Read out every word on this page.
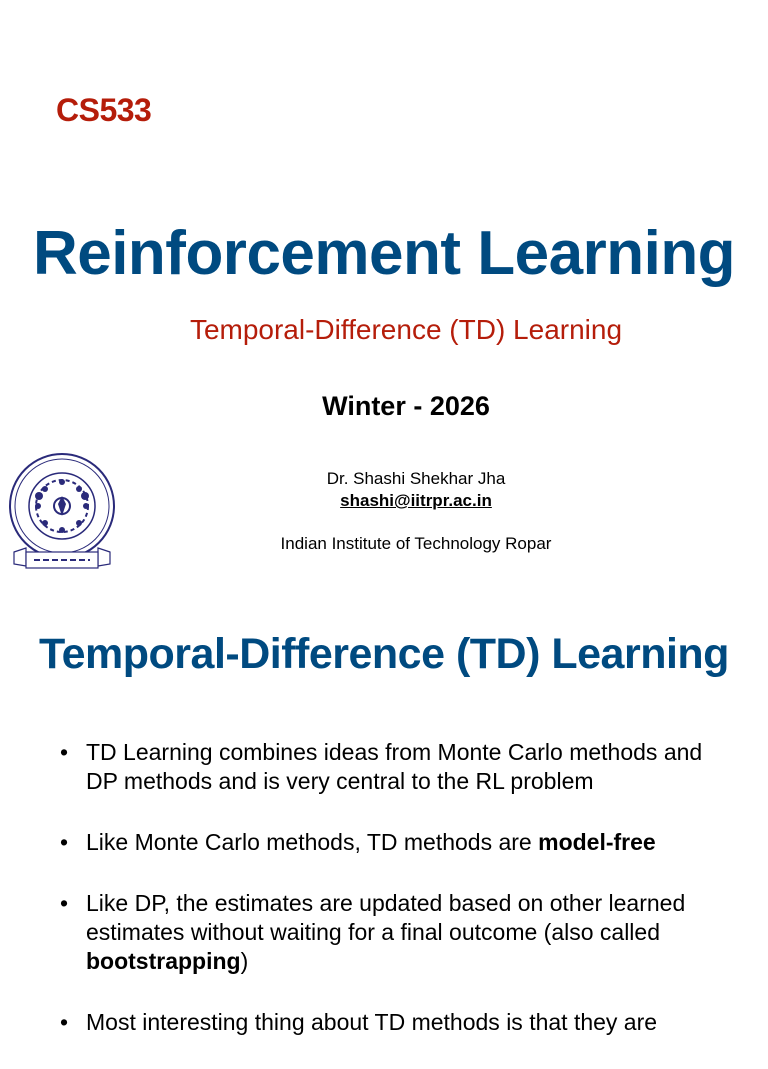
CS533
Reinforcement Learning
Temporal-Difference (TD) Learning
Winter - 2026
Dr. Shashi Shekhar Jha
shashi@iitrpr.ac.in
Indian Institute of Technology Ropar
Temporal-Difference (TD) Learning
• TD Learning combines ideas from Monte Carlo methods and DP methods and is very central to the RL problem
• Like Monte Carlo methods, TD methods are model-free
• Like DP, the estimates are updated based on other learned estimates without waiting for a final outcome (also called bootstrapping)
• Most interesting thing about TD methods is that they are
